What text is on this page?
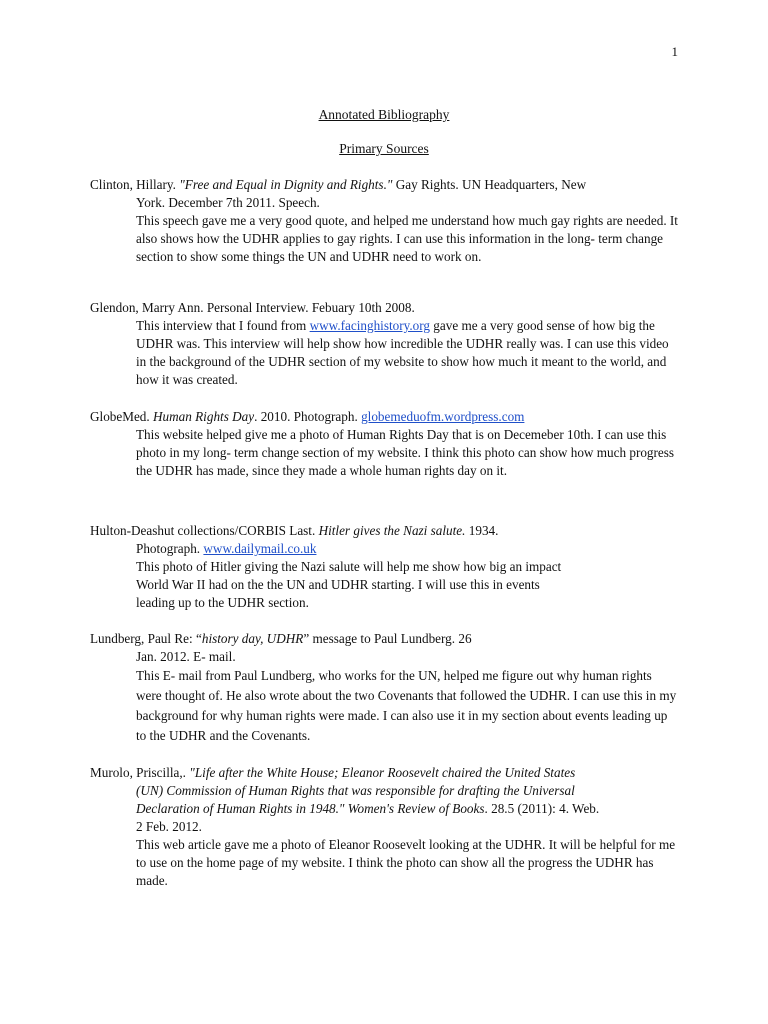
1
Annotated Bibliography
Primary Sources
Clinton, Hillary. "Free and Equal in Dignity and Rights." Gay Rights. UN Headquarters, New
York. December 7th 2011. Speech.
This speech gave me a very good quote, and helped me understand how much gay rights are needed. It also shows how the UDHR applies to gay rights. I can use this information in the long- term change section to show some things the UN and UDHR need to work on.
Glendon, Marry Ann. Personal Interview. Febuary 10th 2008.
This interview that I found from www.facinghistory.org gave me a very good sense of how big the UDHR was. This interview will help show how incredible the UDHR really was. I can use this video in the background of the UDHR section of my website to show how much it meant to the world, and how it was created.
GlobeMed. Human Rights Day. 2010. Photograph. globemeduofm.wordpress.com
This website helped give me a photo of Human Rights Day that is on Decemeber 10th. I can use this photo in my long- term change section of my website. I think this photo can show how much progress the UDHR has made, since they made a whole human rights day on it.
Hulton-Deashut collections/CORBIS Last. Hitler gives the Nazi salute. 1934.
Photograph. www.dailymail.co.uk
This photo of Hitler giving the Nazi salute will help me show how big an impact
World War II had on the the UN and UDHR starting. I will use this in events
leading up to the UDHR section.
Lundberg, Paul Re: “history day, UDHR” message to Paul Lundberg. 26
Jan. 2012. E- mail.
This E- mail from Paul Lundberg, who works for the UN, helped me figure out why human rights were thought of. He also wrote about the two Covenants that followed the UDHR. I can use this in my background for why human rights were made. I can also use it in my section about events leading up to the UDHR and the Covenants.
Murolo, Priscilla,. "Life after the White House; Eleanor Roosevelt chaired the United States
(UN) Commission of Human Rights that was responsible for drafting the Universal
Declaration of Human Rights in 1948." Women's Review of Books. 28.5 (2011): 4. Web.
2 Feb. 2012.
This web article gave me a photo of Eleanor Roosevelt looking at the UDHR. It will be helpful for me to use on the home page of my website. I think the photo can show all the progress the UDHR has made.
